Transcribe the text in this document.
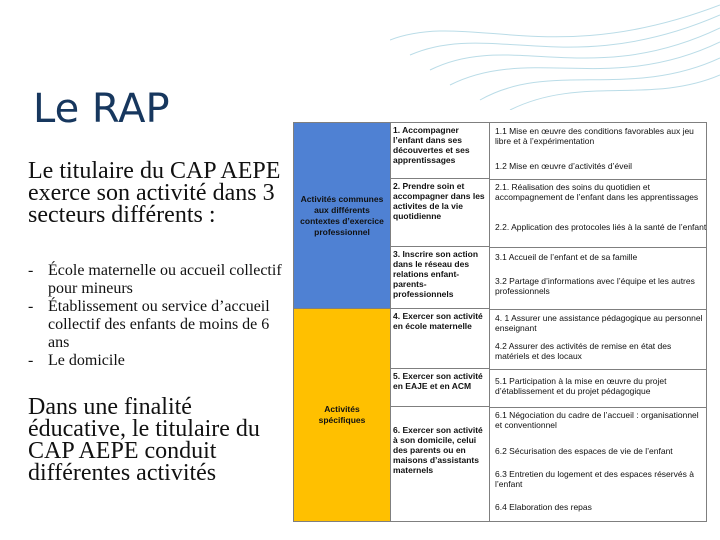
Le RAP
Le titulaire du CAP AEPE exerce son activité dans 3 secteurs différents :
- École maternelle ou accueil collectif pour mineurs
- Établissement ou service d’accueil collectif des enfants de moins de 6 ans
- Le domicile
Dans une finalité éducative, le titulaire du CAP AEPE conduit différentes activités
Activités communes aux différents contextes d’exercice professionnel
Activités spécifiques
1. Accompagner l’enfant dans ses découvertes et ses apprentissages
2. Prendre soin et accompagner dans les activites de la vie quotidienne
3. Inscrire son action dans le réseau des relations enfant-parents-professionnels
4. Exercer son activité en école maternelle
5. Exercer son activité en EAJE et en ACM
6. Exercer son activité à son domicile, celui des parents ou en maisons d’assistants maternels
1.1 Mise en œuvre des conditions favorables aux jeu libre et à l’expérimentation
1.2 Mise en œuvre d’activités d’éveil
2.1. Réalisation des soins du quotidien et accompagnement de l’enfant dans les apprentissages
2.2. Application des protocoles liés à la santé de l’enfant
3.1 Accueil de l’enfant et de sa famille
3.2 Partage d’informations avec l’équipe et les autres professionnels
4. 1 Assurer une assistance pédagogique au personnel enseignant
4.2 Assurer des activités de remise en état des matériels et des locaux
5.1 Participation à la mise en œuvre du projet d’établissement et du projet pédagogique
6.1 Négociation du cadre de l’accueil : organisationnel et conventionnel
6.2 Sécurisation des espaces de vie de l’enfant
6.3 Entretien du logement et des espaces réservés à l’enfant
6.4 Elaboration des repas
